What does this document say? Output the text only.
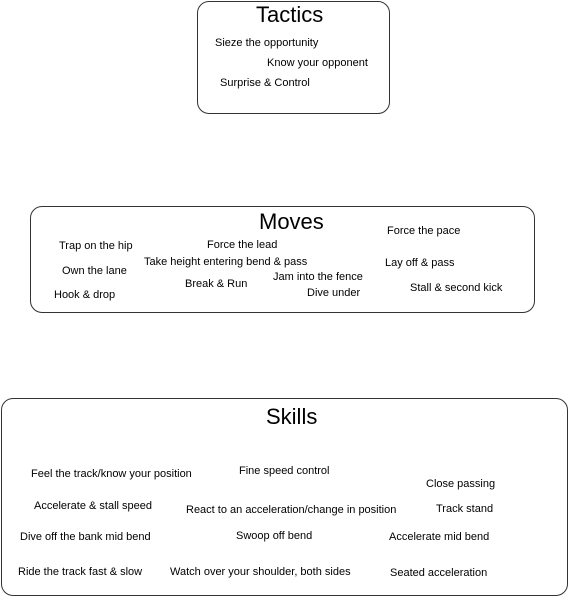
Tactics
Sieze the opportunity
Know your opponent
Surprise & Control
Moves
Trap on the hip	Force the lead
Force the pace
Take height entering bend & pass
Own the lane	Jam into the fence
Lay off & pass
Break & Run
Hook & drop	Dive under	Stall & second kick
Skills
Fine speed control
Feel the track/know your position
Close passing
Accelerate & stall speed	React to an acceleration/change in position	Track stand
Dive off the bank mid bend	Swoop off bend	Accelerate mid bend
Ride the track fast & slow	Watch over your shoulder, both sides	Seated acceleration
